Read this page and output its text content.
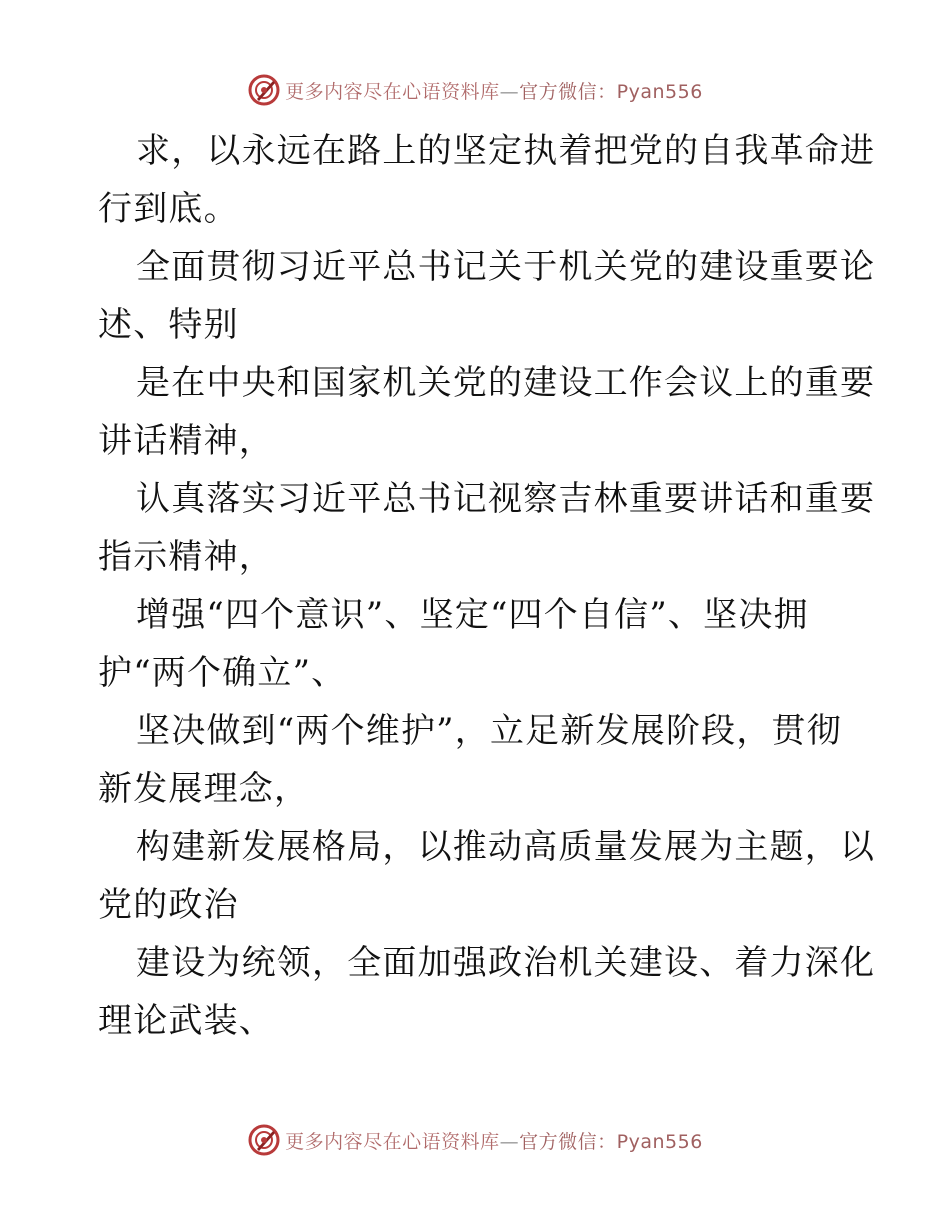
更多内容尽在心语资料库—官方微信：Pyan556
求，以永远在路上的坚定执着把党的自我革命进
行到底。
全面贯彻习近平总书记关于机关党的建设重要论
述、特别
是在中央和国家机关党的建设工作会议上的重要
讲话精神，
认真落实习近平总书记视察吉林重要讲话和重要
指示精神，
增强“四个意识”、坚定“四个自信”、坚决拥
护“两个确立”、
坚决做到“两个维护”，立足新发展阶段，贯彻
新发展理念，
构建新发展格局，以推动高质量发展为主题，以
党的政治
建设为统领，全面加强政治机关建设、着力深化
理论武装、
更多内容尽在心语资料库—官方微信：Pyan556
